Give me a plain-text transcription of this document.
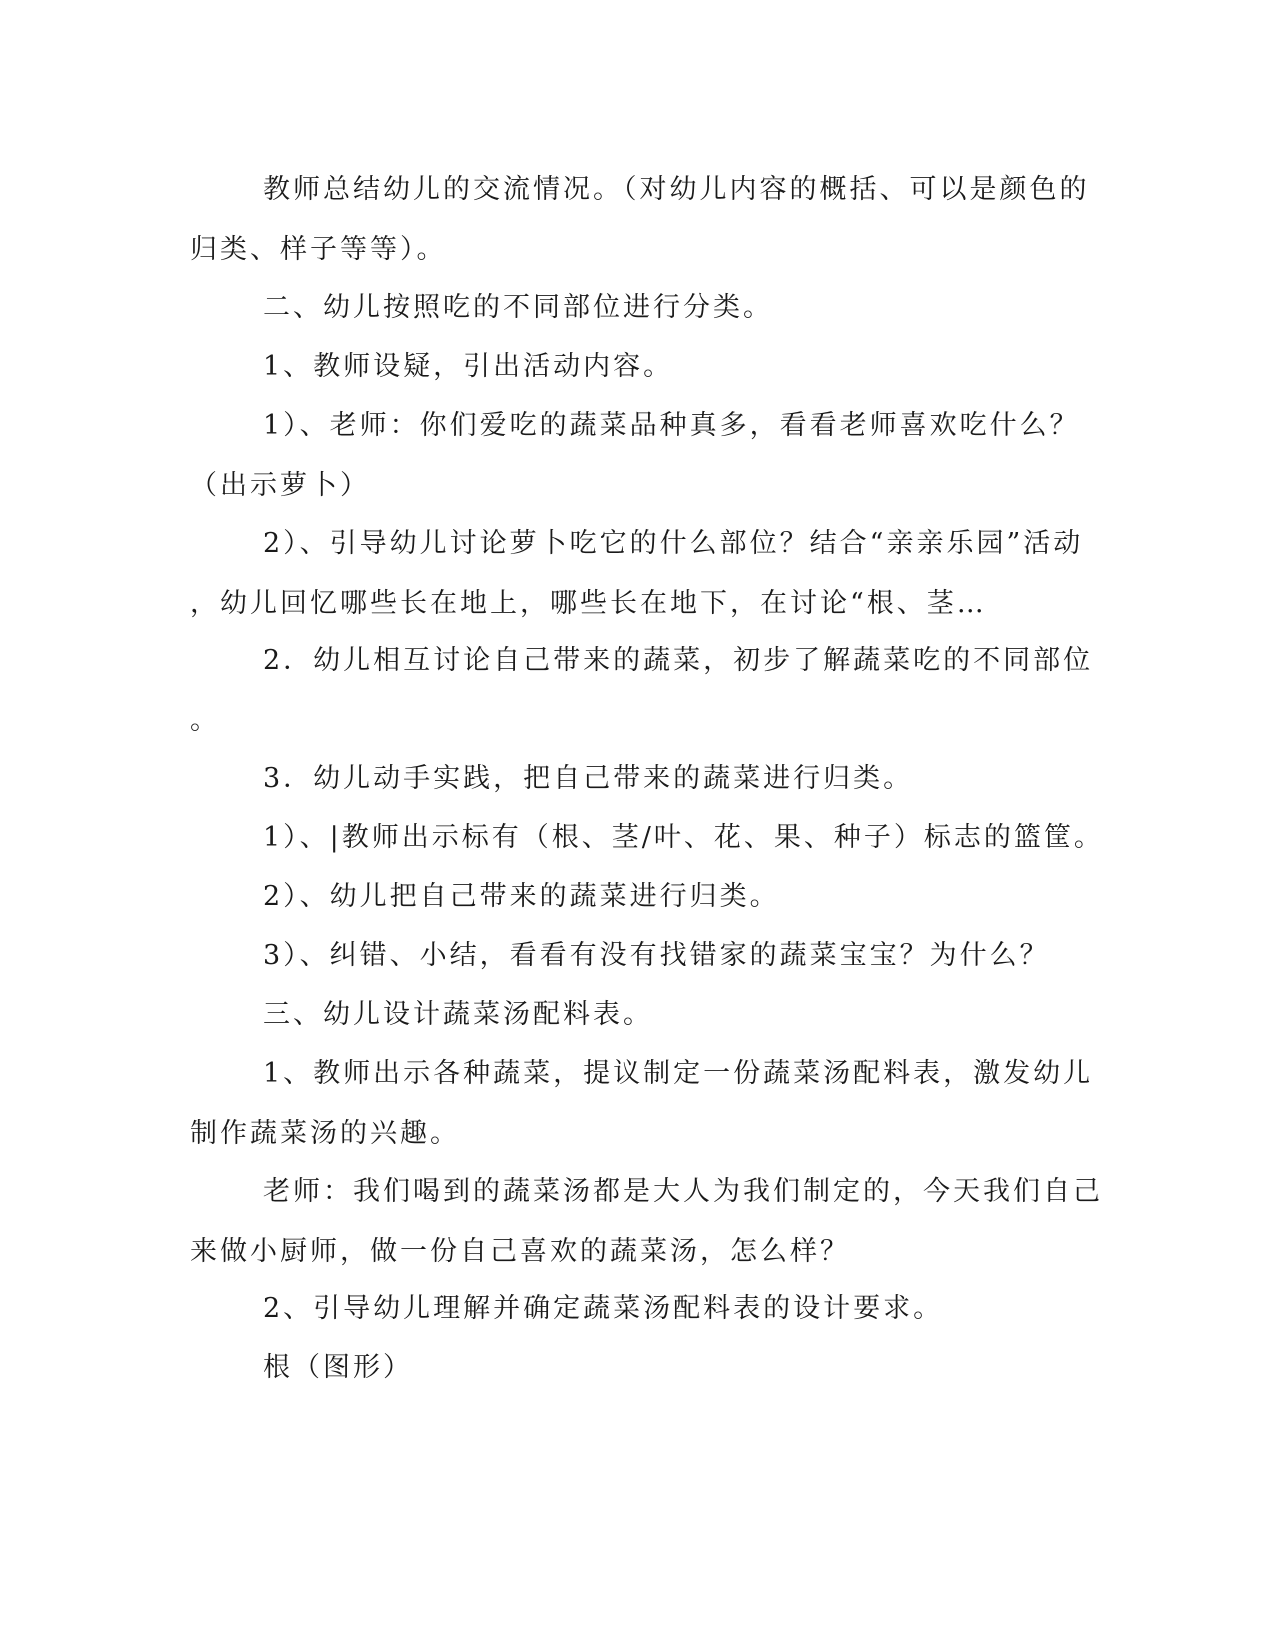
教师总结幼儿的交流情况。（对幼儿内容的概括、可以是颜色的
归类、样子等等）。

二、幼儿按照吃的不同部位进行分类。

1、教师设疑，引出活动内容。

1）、老师：你们爱吃的蔬菜品种真多，看看老师喜欢吃什么？
（出示萝卜）

2）、引导幼儿讨论萝卜吃它的什么部位？结合“亲亲乐园”活动
，幼儿回忆哪些长在地上，哪些长在地下，在讨论“根、茎…

2．幼儿相互讨论自己带来的蔬菜，初步了解蔬菜吃的不同部位
。

3．幼儿动手实践，把自己带来的蔬菜进行归类。

1）、|教师出示标有（根、茎/叶、花、果、种子）标志的篮筐。

2）、幼儿把自己带来的蔬菜进行归类。

3）、纠错、小结，看看有没有找错家的蔬菜宝宝？为什么？

三、幼儿设计蔬菜汤配料表。

1、教师出示各种蔬菜，提议制定一份蔬菜汤配料表，激发幼儿
制作蔬菜汤的兴趣。

老师：我们喝到的蔬菜汤都是大人为我们制定的，今天我们自己
来做小厨师，做一份自己喜欢的蔬菜汤，怎么样？

2、引导幼儿理解并确定蔬菜汤配料表的设计要求。

根（图形）
